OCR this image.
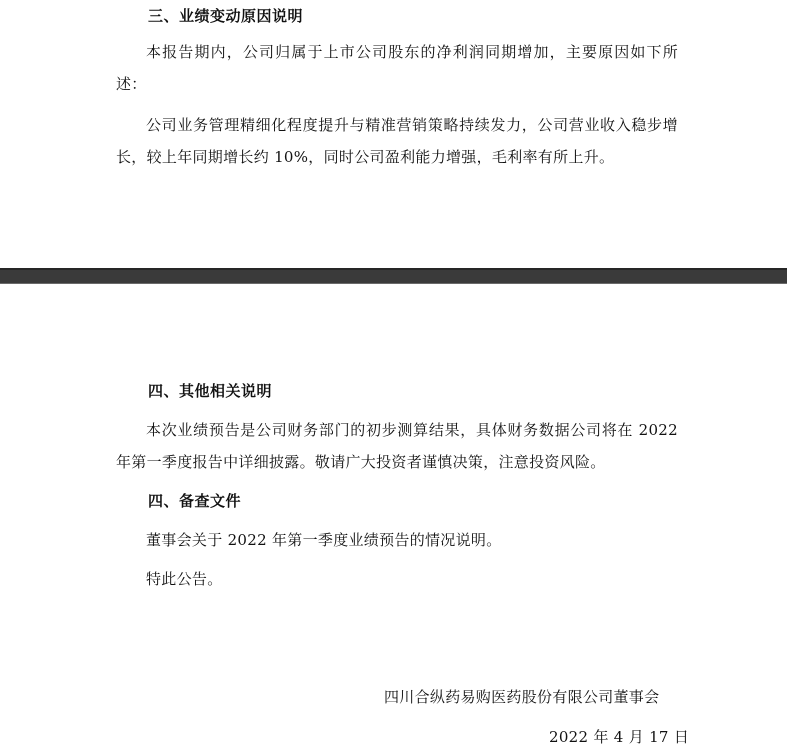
三、业绩变动原因说明

本报告期内，公司归属于上市公司股东的净利润同期增加，主要原因如下所述：

公司业务管理精细化程度提升与精准营销策略持续发力，公司营业收入稳步增长，较上年同期增长约 10%，同时公司盈利能力增强，毛利率有所上升。

四、其他相关说明

本次业绩预告是公司财务部门的初步测算结果，具体财务数据公司将在 2022 年第一季度报告中详细披露。敬请广大投资者谨慎决策，注意投资风险。

四、备查文件
董事会关于 2022 年第一季度业绩预告的情况说明。
特此公告。
四川合纵药易购医药股份有限公司董事会
2022 年 4 月 17 日
